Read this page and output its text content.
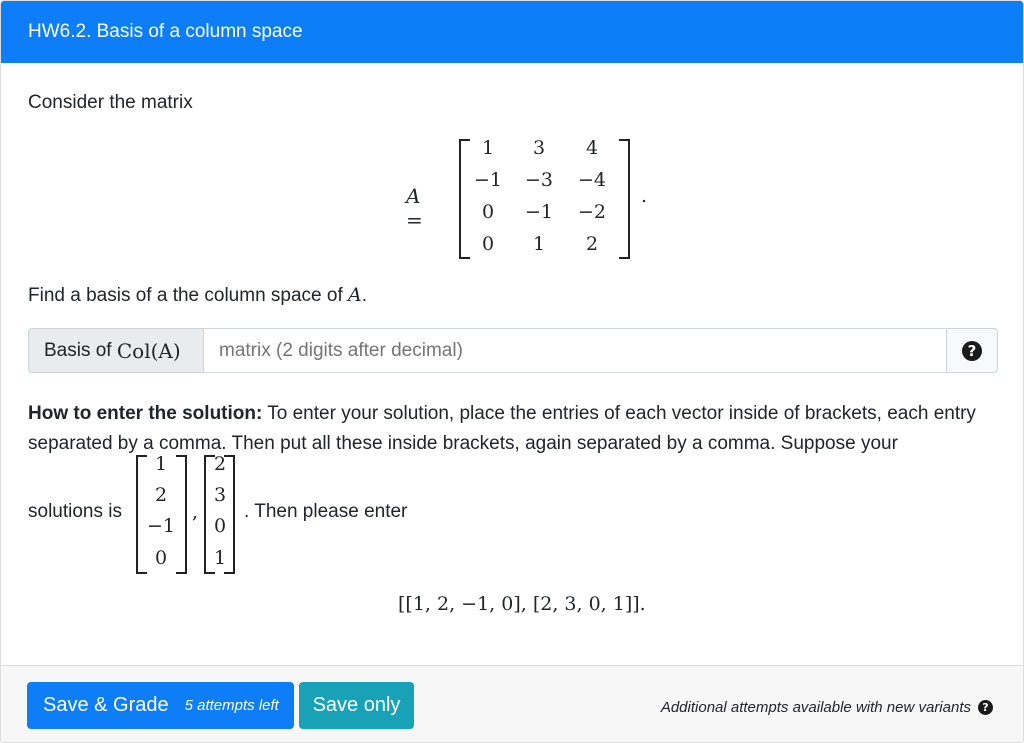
HW6.2. Basis of a column space
Consider the matrix
A =
1	3	4
−1	−3	−4
0	−1	−2
0	1	2
.
Find a basis of a the column space of A.
Basis of
Col(A)
matrix (2 digits after decimal)	?
How to enter the solution: To enter your solution, place the entries of each vector inside of brackets, each entry separated by a comma. Then put all these inside brackets, again separated by a comma. Suppose your
solutions is
1
2
−1
0
,
2
3
0
1
. Then please enter
[[1, 2, −1, 0], [2, 3, 0, 1]].
Save & Grade 5 attempts left Save only	Additional attempts available with new variants	?
